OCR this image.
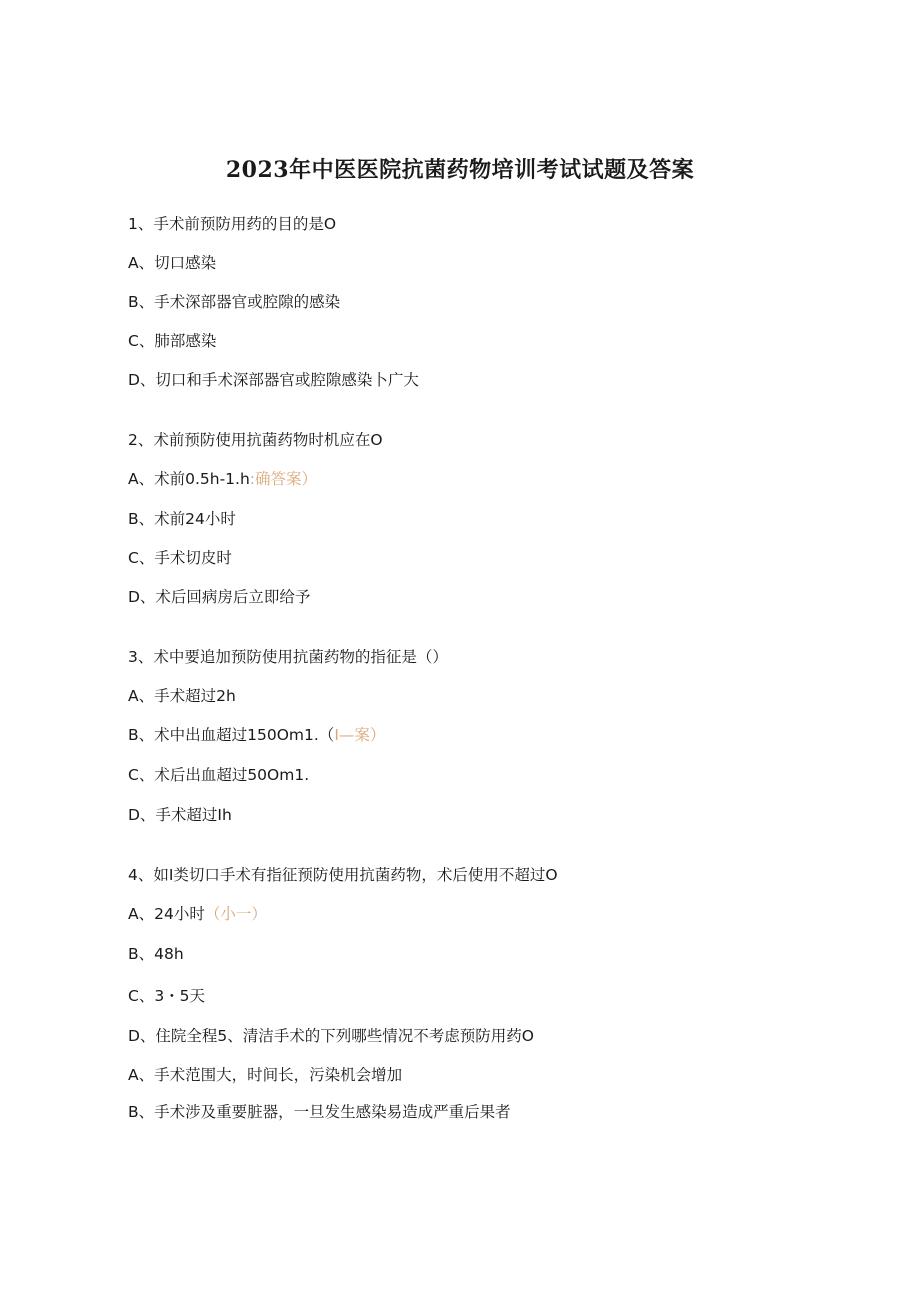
2023年中医医院抗菌药物培训考试试题及答案
1、手术前预防用药的目的是O
A、切口感染
B、手术深部器官或腔隙的感染
C、肺部感染
D、切口和手术深部器官或腔隙感染卜广大
2、术前预防使用抗菌药物时机应在O
A、术前0.5h-1.h:确答案）
B、术前24小时
C、手术切皮时
D、术后回病房后立即给予
3、术中要追加预防使用抗菌药物的指征是（）
A、手术超过2h
B、术中出血超过150Om1.（I—案）
C、术后出血超过50Om1.
D、手术超过Ih
4、如I类切口手术有指征预防使用抗菌药物，术后使用不超过O
A、24小时（小一）
B、48h
C、3・5天
D、住院全程5、清洁手术的下列哪些情况不考虑预防用药O
A、手术范围大，时间长，污染机会增加
B、手术涉及重要脏器，一旦发生感染易造成严重后果者
